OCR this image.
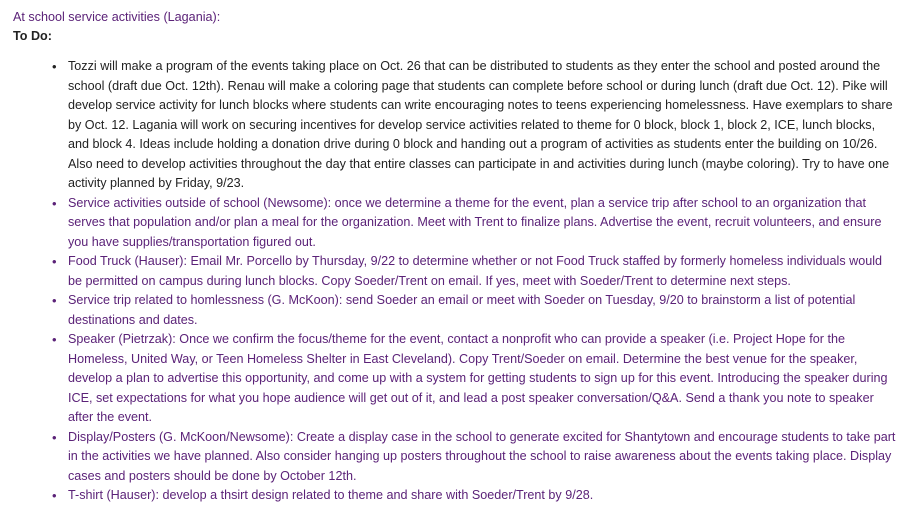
At school service activities (Lagania):

To Do:

• Tozzi will make a program of the events taking place on Oct. 26 that can be distributed to students as they enter the school and posted around the school (draft due Oct. 12th). Renau will make a coloring page that students can complete before school or during lunch (draft due Oct. 12). Pike will develop service activity for lunch blocks where students can write encouraging notes to teens experiencing homelessness. Have exemplars to share by Oct. 12. Lagania will work on securing incentives for develop service activities related to theme for 0 block, block 1, block 2, ICE, lunch blocks, and block 4. Ideas include holding a donation drive during 0 block and handing out a program of activities as students enter the building on 10/26. Also need to develop activities throughout the day that entire classes can participate in and activities during lunch (maybe coloring). Try to have one activity planned by Friday, 9/23.
• Service activities outside of school (Newsome): once we determine a theme for the event, plan a service trip after school to an organization that serves that population and/or plan a meal for the organization. Meet with Trent to finalize plans. Advertise the event, recruit volunteers, and ensure you have supplies/transportation figured out.
• Food Truck (Hauser): Email Mr. Porcello by Thursday, 9/22 to determine whether or not Food Truck staffed by formerly homeless individuals would be permitted on campus during lunch blocks. Copy Soeder/Trent on email. If yes, meet with Soeder/Trent to determine next steps.
• Service trip related to homlessness (G. McKoon): send Soeder an email or meet with Soeder on Tuesday, 9/20 to brainstorm a list of potential destinations and dates.
• Speaker (Pietrzak): Once we confirm the focus/theme for the event, contact a nonprofit who can provide a speaker (i.e. Project Hope for the Homeless, United Way, or Teen Homeless Shelter in East Cleveland). Copy Trent/Soeder on email. Determine the best venue for the speaker, develop a plan to advertise this opportunity, and come up with a system for getting students to sign up for this event. Introducing the speaker during ICE, set expectations for what you hope audience will get out of it, and lead a post speaker conversation/Q&A. Send a thank you note to speaker after the event.
• Display/Posters (G. McKoon/Newsome): Create a display case in the school to generate excited for Shantytown and encourage students to take part in the activities we have planned. Also consider hanging up posters throughout the school to raise awareness about the events taking place. Display cases and posters should be done by October 12th.
• T-shirt (Hauser): develop a thsirt design related to theme and share with Soeder/Trent by 9/28.
